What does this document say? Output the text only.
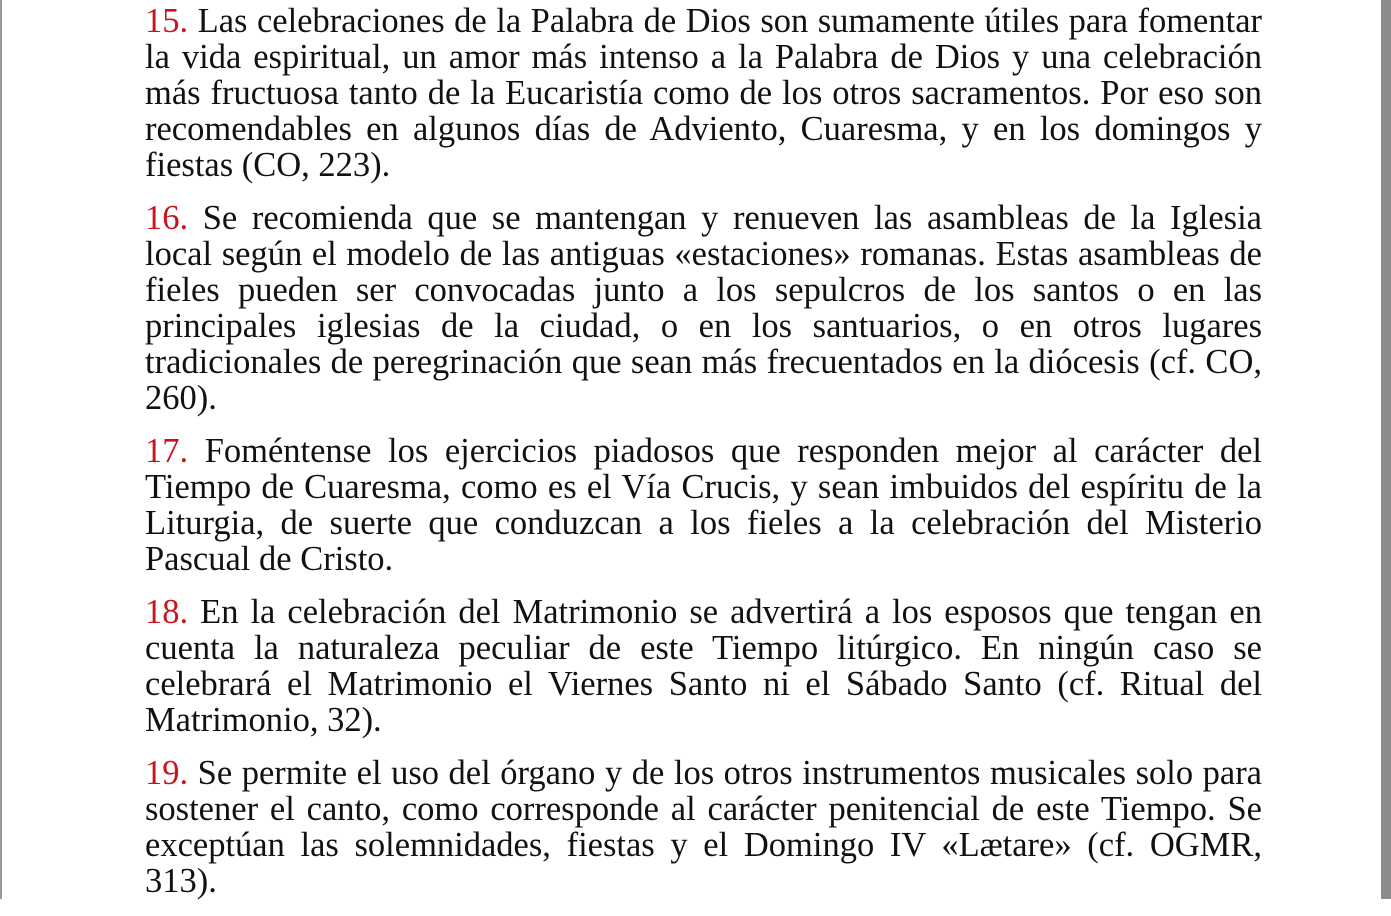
15. Las celebraciones de la Palabra de Dios son sumamente útiles para fomentar la vida espiritual, un amor más intenso a la Palabra de Dios y una celebración más fructuosa tanto de la Eucaristía como de los otros sacramentos. Por eso son recomendables en algunos días de Adviento, Cuaresma, y en los domingos y fiestas (CO, 223).

16. Se recomienda que se mantengan y renueven las asambleas de la Iglesia local según el modelo de las antiguas «estaciones» romanas. Estas asambleas de fieles pueden ser convocadas junto a los sepulcros de los santos o en las principales iglesias de la ciudad, o en los santuarios, o en otros lugares tradicionales de peregrinación que sean más frecuentados en la diócesis (cf. CO, 260).

17. Foméntense los ejercicios piadosos que responden mejor al carácter del Tiempo de Cuaresma, como es el Vía Crucis, y sean imbuidos del espíritu de la Liturgia, de suerte que conduzcan a los fieles a la celebración del Misterio Pascual de Cristo.

18. En la celebración del Matrimonio se advertirá a los esposos que tengan en cuenta la naturaleza peculiar de este Tiempo litúrgico. En ningún caso se celebrará el Matrimonio el Viernes Santo ni el Sábado Santo (cf. Ritual del Matrimonio, 32).

19. Se permite el uso del órgano y de los otros instrumentos musicales solo para sostener el canto, como corresponde al carácter penitencial de este Tiempo. Se exceptúan las solemnidades, fiestas y el Domingo IV «Lætare» (cf. OGMR, 313).
